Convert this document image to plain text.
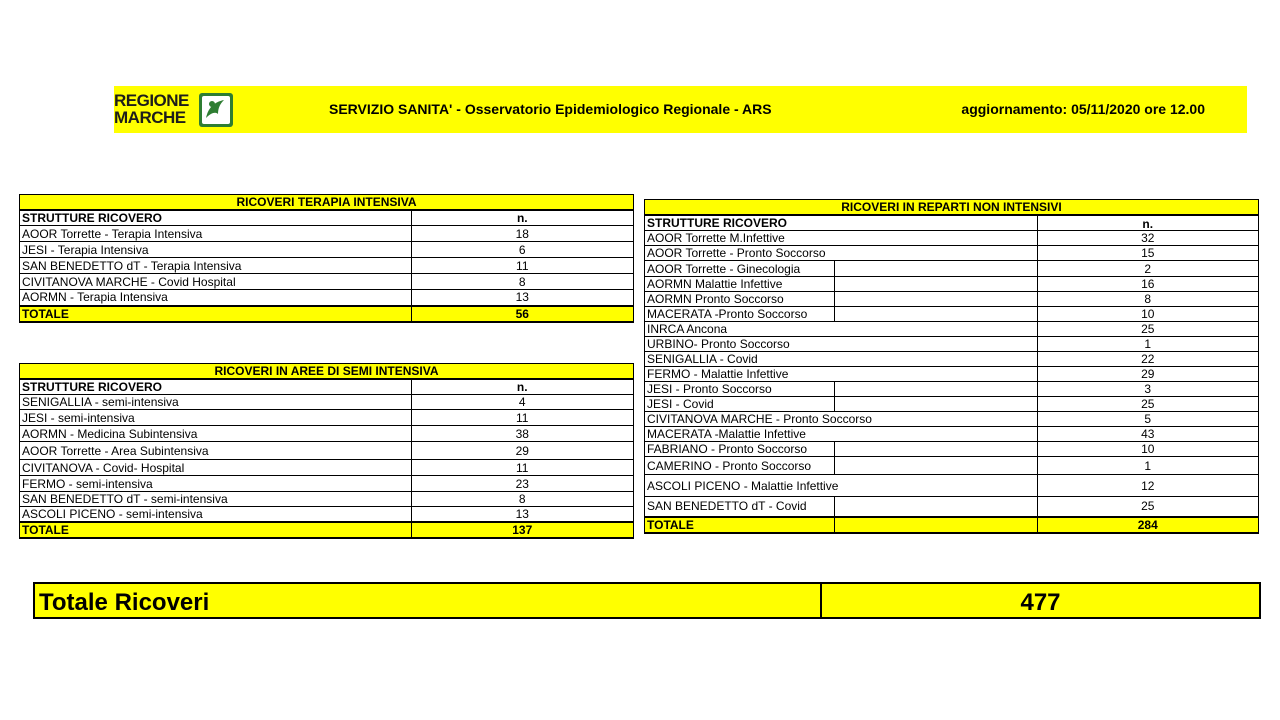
REGIONE
MARCHE	SERVIZIO SANITA' - Osservatorio Epidemiologico Regionale - ARS	aggiornamento: 05/11/2020 ore 12.00
RICOVERI TERAPIA INTENSIVA	
STRUTTURE RICOVERO	n.
AOOR Torrette - Terapia Intensiva	18
JESI - Terapia Intensiva	6
SAN BENEDETTO dT - Terapia Intensiva	11
CIVITANOVA MARCHE - Covid Hospital	8
AORMN - Terapia Intensiva	13
TOTALE	56
RICOVERI IN AREE DI SEMI INTENSIVA	
STRUTTURE RICOVERO	n.
SENIGALLIA - semi-intensiva	4
JESI - semi-intensiva	11
AORMN - Medicina Subintensiva	38
AOOR Torrette - Area Subintensiva	29
CIVITANOVA - Covid- Hospital	11
FERMO - semi-intensiva	23
SAN BENEDETTO dT - semi-intensiva	8
ASCOLI PICENO - semi-intensiva	13
TOTALE	137
RICOVERI IN REPARTI NON INTENSIVI		
STRUTTURE RICOVERO		n.
AOOR Torrette M.Infettive		32
AOOR Torrette - Pronto Soccorso		15
AOOR Torrette - Ginecologia		2
AORMN Malattie Infettive		16
AORMN Pronto Soccorso		8
MACERATA -Pronto Soccorso		10
INRCA Ancona		25
URBINO- Pronto Soccorso		1
SENIGALLIA - Covid		22
FERMO - Malattie Infettive		29
JESI - Pronto Soccorso		3
JESI - Covid		25
CIVITANOVA MARCHE - Pronto Soccorso		5
MACERATA -Malattie Infettive		43
FABRIANO - Pronto Soccorso		10
CAMERINO - Pronto Soccorso		1
ASCOLI PICENO - Malattie Infettive		12
SAN BENEDETTO dT - Covid		25
TOTALE		284
Totale Ricoveri	477
